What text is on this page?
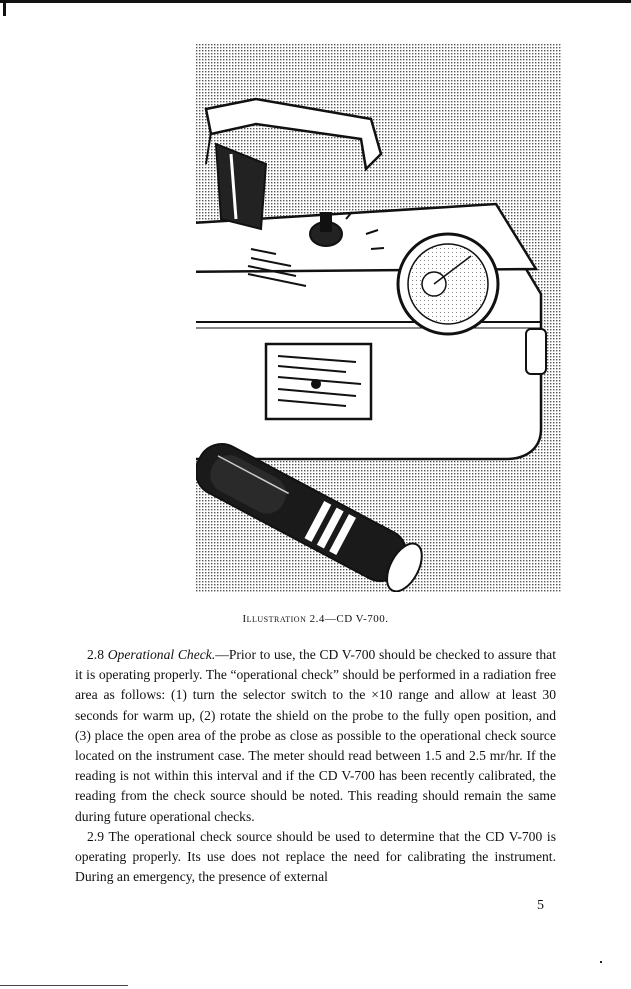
Illustration 2.4—CD V-700.

2.8 Operational Check.—Prior to use, the CD V-700 should be checked to assure that it is operating properly. The “operational check” should be performed in a radiation free area as follows: (1) turn the selector switch to the ×10 range and allow at least 30 seconds for warm up, (2) rotate the shield on the probe to the fully open position, and (3) place the open area of the probe as close as possible to the operational check source located on the instrument case. The meter should read between 1.5 and 2.5 mr/hr. If the reading is not within this interval and if the CD V-700 has been recently calibrated, the reading from the check source should be noted. This reading should remain the same during future operational checks.

2.9 The operational check source should be used to determine that the CD V-700 is operating properly. Its use does not replace the need for calibrating the instrument. During an emergency, the presence of external

5
